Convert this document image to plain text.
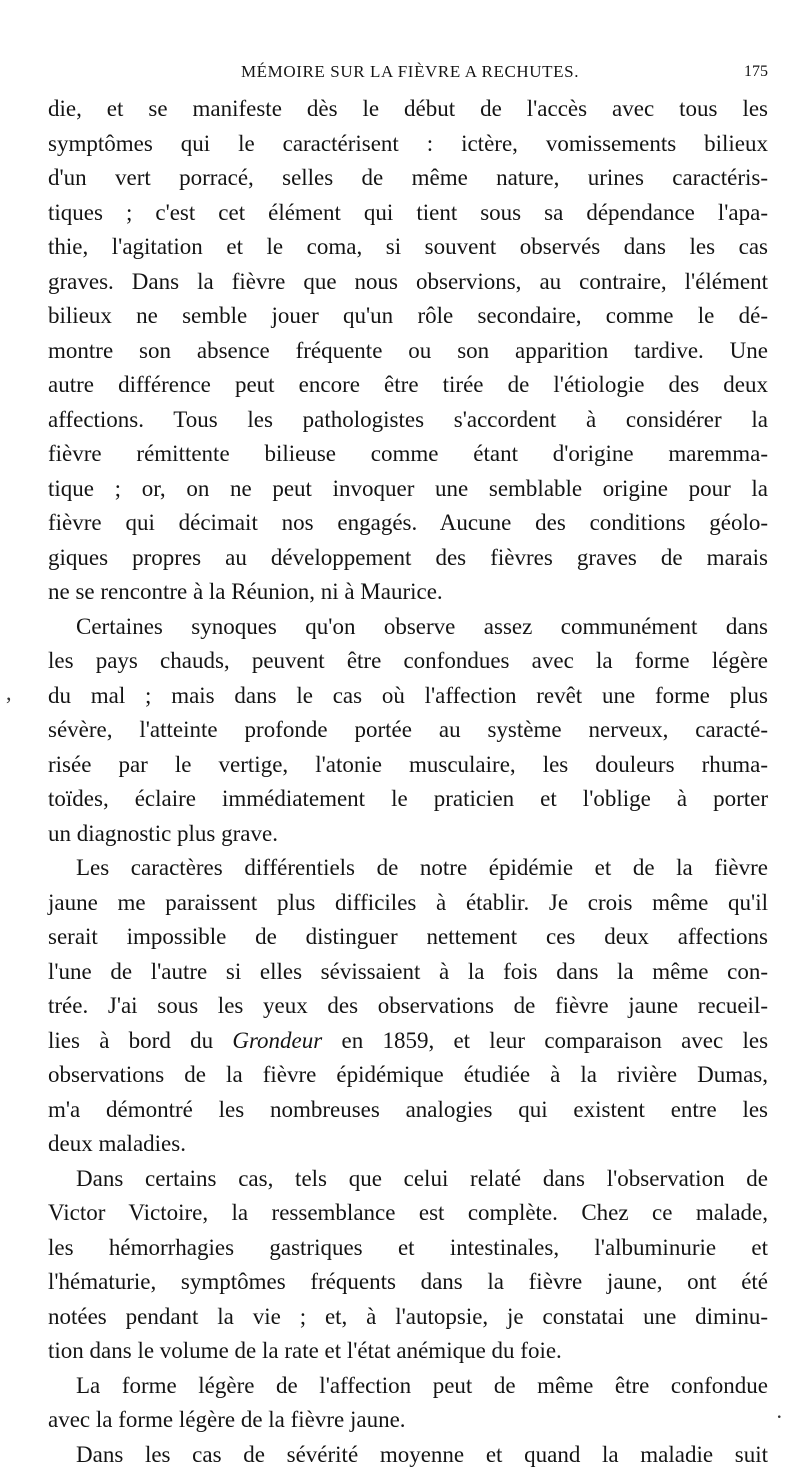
MÉMOIRE SUR LA FIÈVRE A RECHUTES.	175
die, et se manifeste dès le début de l'accès avec tous les
symptômes qui le caractérisent : ictère, vomissements bilieux
d'un vert porracé, selles de même nature, urines caractéris-
tiques ; c'est cet élément qui tient sous sa dépendance l'apa-
thie, l'agitation et le coma, si souvent observés dans les cas
graves. Dans la fièvre que nous observions, au contraire, l'élément
bilieux ne semble jouer qu'un rôle secondaire, comme le dé-
montre son absence fréquente ou son apparition tardive. Une
autre différence peut encore être tirée de l'étiologie des deux
affections. Tous les pathologistes s'accordent à considérer la
fièvre rémittente bilieuse comme étant d'origine maremma-
tique ; or, on ne peut invoquer une semblable origine pour la
fièvre qui décimait nos engagés. Aucune des conditions géolo-
giques propres au développement des fièvres graves de marais
ne se rencontre à la Réunion, ni à Maurice.
Certaines synoques qu'on observe assez communément dans
les pays chauds, peuvent être confondues avec la forme légère
du mal ; mais dans le cas où l'affection revêt une forme plus
sévère, l'atteinte profonde portée au système nerveux, caracté-
risée par le vertige, l'atonie musculaire, les douleurs rhuma-
toïdes, éclaire immédiatement le praticien et l'oblige à porter
un diagnostic plus grave.
Les caractères différentiels de notre épidémie et de la fièvre
jaune me paraissent plus difficiles à établir. Je crois même qu'il
serait impossible de distinguer nettement ces deux affections
l'une de l'autre si elles sévissaient à la fois dans la même con-
trée. J'ai sous les yeux des observations de fièvre jaune recueil-
lies à bord du Grondeur en 1859, et leur comparaison avec les
observations de la fièvre épidémique étudiée à la rivière Dumas,
m'a démontré les nombreuses analogies qui existent entre les
deux maladies.
Dans certains cas, tels que celui relaté dans l'observation de
Victor Victoire, la ressemblance est complète. Chez ce malade,
les hémorrhagies gastriques et intestinales, l'albuminurie et
l'hématurie, symptômes fréquents dans la fièvre jaune, ont été
notées pendant la vie ; et, à l'autopsie, je constatai une diminu-
tion dans le volume de la rate et l'état anémique du foie.
La forme légère de l'affection peut de même être confondue
avec la forme légère de la fièvre jaune.
Dans les cas de sévérité moyenne et quand la maladie suit
,
.
